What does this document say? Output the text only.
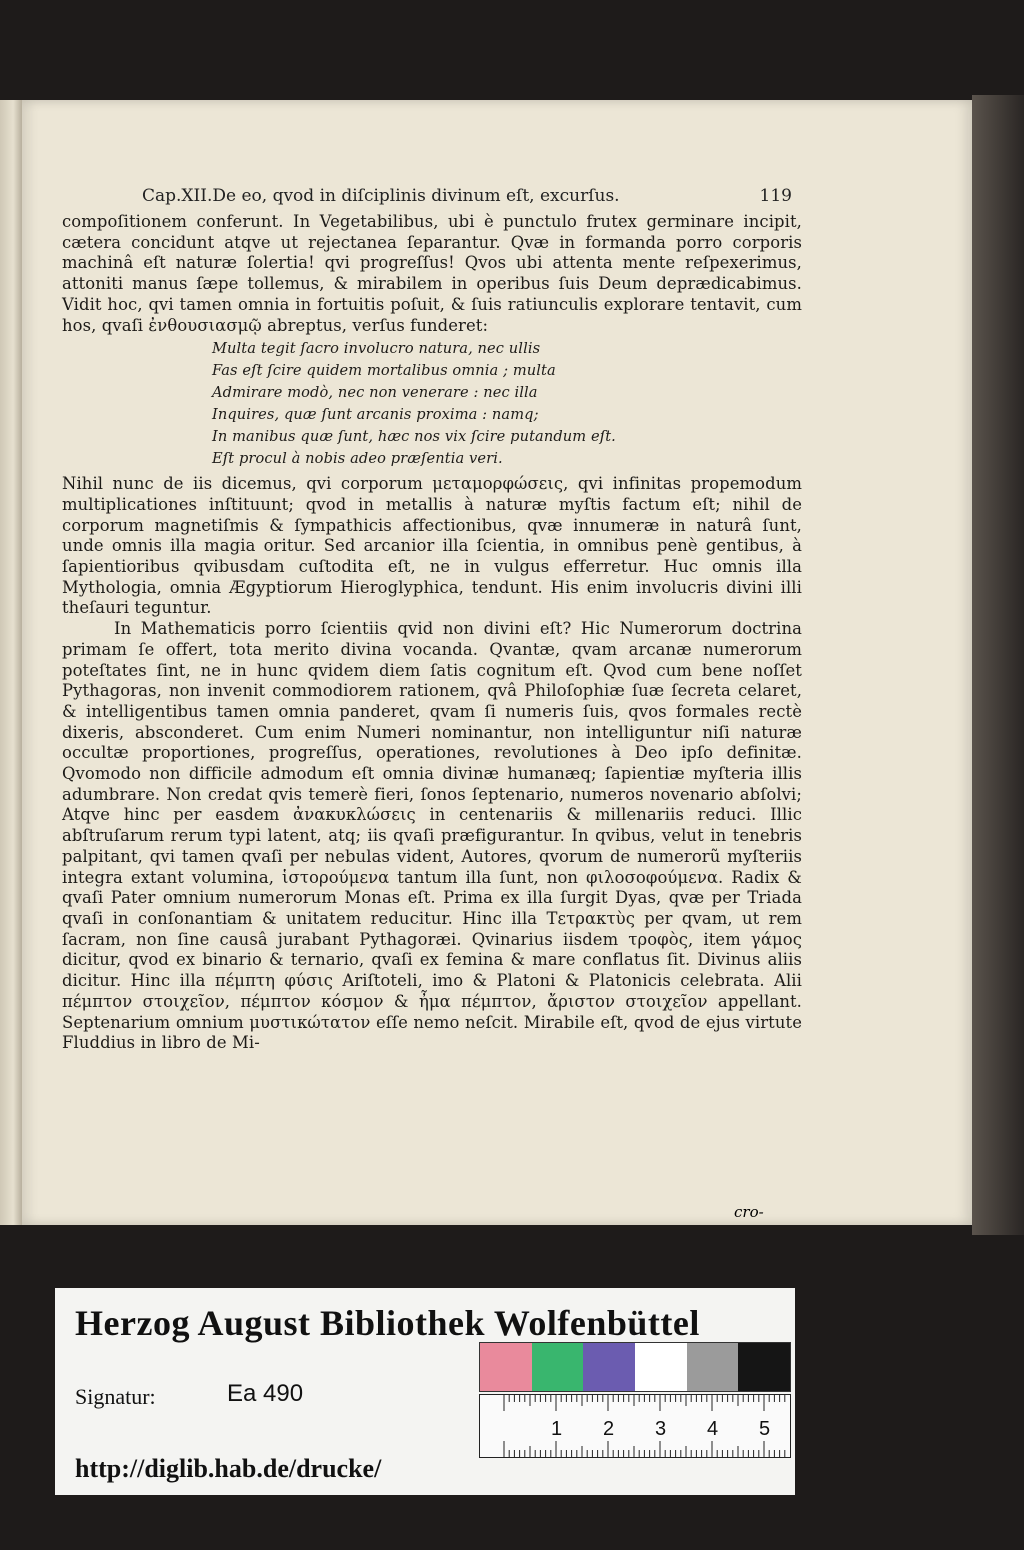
Cap.XII.De eo, qvod in diſciplinis divinum eſt, excurſus.	119

compoſitionem conferunt. In Vegetabilibus, ubi è punctulo frutex germinare incipit, cætera concidunt atqve ut rejectanea ſeparantur. Qvæ in formanda porro corporis machinâ eſt naturæ ſolertia! qvi progreſſus! Qvos ubi attenta mente reſpexerimus, attoniti manus ſæpe tollemus, & mirabilem in operibus ſuis Deum deprædicabimus. Vidit hoc, qvi tamen omnia in fortuitis poſuit, & ſuis ratiunculis explorare tentavit, cum hos, qvaſi ἐνθουσιασμῷ abreptus, verſus funderet:

Multa tegit ſacro involucro natura, nec ullis
Fas eſt ſcire quidem mortalibus omnia ; multa
Admirare modò, nec non venerare : nec illa
Inquires, quæ ſunt arcanis proxima : namq;
In manibus quæ ſunt, hæc nos vix ſcire putandum eſt.
Eſt procul à nobis adeo præſentia veri.

Nihil nunc de iis dicemus, qvi corporum μεταμορφώσεις, qvi infinitas propemodum multiplicationes inſtituunt; qvod in metallis à naturæ myſtis factum eſt; nihil de corporum magnetiſmis & ſympathicis affectionibus, qvæ innumeræ in naturâ ſunt, unde omnis illa magia oritur. Sed arcanior illa ſcientia, in omnibus penè gentibus, à ſapientioribus qvibusdam cuſtodita eſt, ne in vulgus efferretur. Huc omnis illa Mythologia, omnia Ægyptiorum Hieroglyphica, tendunt. His enim involucris divini illi theſauri teguntur.

In Mathematicis porro ſcientiis qvid non divini eſt? Hic Numerorum doctrina primam ſe offert, tota merito divina vocanda. Qvantæ, qvam arcanæ numerorum poteſtates ſint, ne in hunc qvidem diem ſatis cognitum eſt. Qvod cum bene noſſet Pythagoras, non invenit commodiorem rationem, qvâ Philoſophiæ ſuæ ſecreta celaret, & intelligentibus tamen omnia panderet, qvam ſi numeris ſuis, qvos formales rectè dixeris, absconderet. Cum enim Numeri nominantur, non intelliguntur niſi naturæ occultæ proportiones, progreſſus, operationes, revolutiones à Deo ipſo definitæ. Qvomodo non difficile admodum eſt omnia divinæ humanæq; ſapientiæ myſteria illis adumbrare. Non credat qvis temerè fieri, ſonos ſeptenario, numeros novenario abſolvi; Atqve hinc per easdem ἀνακυκλώσεις in centenariis & millenariis reduci. Illic abſtruſarum rerum typi latent, atq; iis qvaſi præfigurantur. In qvibus, velut in tenebris palpitant, qvi tamen qvaſi per nebulas vident, Autores, qvorum de numerorũ myſteriis integra extant volumina, ἱστορούμενα tantum illa ſunt, non φιλοσοφούμενα. Radix & qvaſi Pater omnium numerorum Monas eſt. Prima ex illa ſurgit Dyas, qvæ per Triada qvaſi in conſonantiam & unitatem reducitur. Hinc illa Τετρακτὺς per qvam, ut rem ſacram, non ſine causâ jurabant Pythagoræi. Qvinarius iisdem τροφὸς, item γάμος dicitur, qvod ex binario & ternario, qvaſi ex femina & mare conflatus ſit. Divinus aliis dicitur. Hinc illa πέμπτη φύσις Ariſtoteli, imo & Platoni & Platonicis celebrata. Alii πέμπτον στοιχεῖον, πέμπτον κόσμον & ἦμα πέμπτον, ἄριστον στοιχεῖον appellant. Septenarium omnium μυστικώτατον eſſe nemo neſcit. Mirabile eſt, qvod de ejus virtute Fluddius in libro de Mi-

cro-
Herzog August Bibliothek Wolfenbüttel
Signatur:	Ea 490
http://diglib.hab.de/drucke/
1 2 3 4 5
